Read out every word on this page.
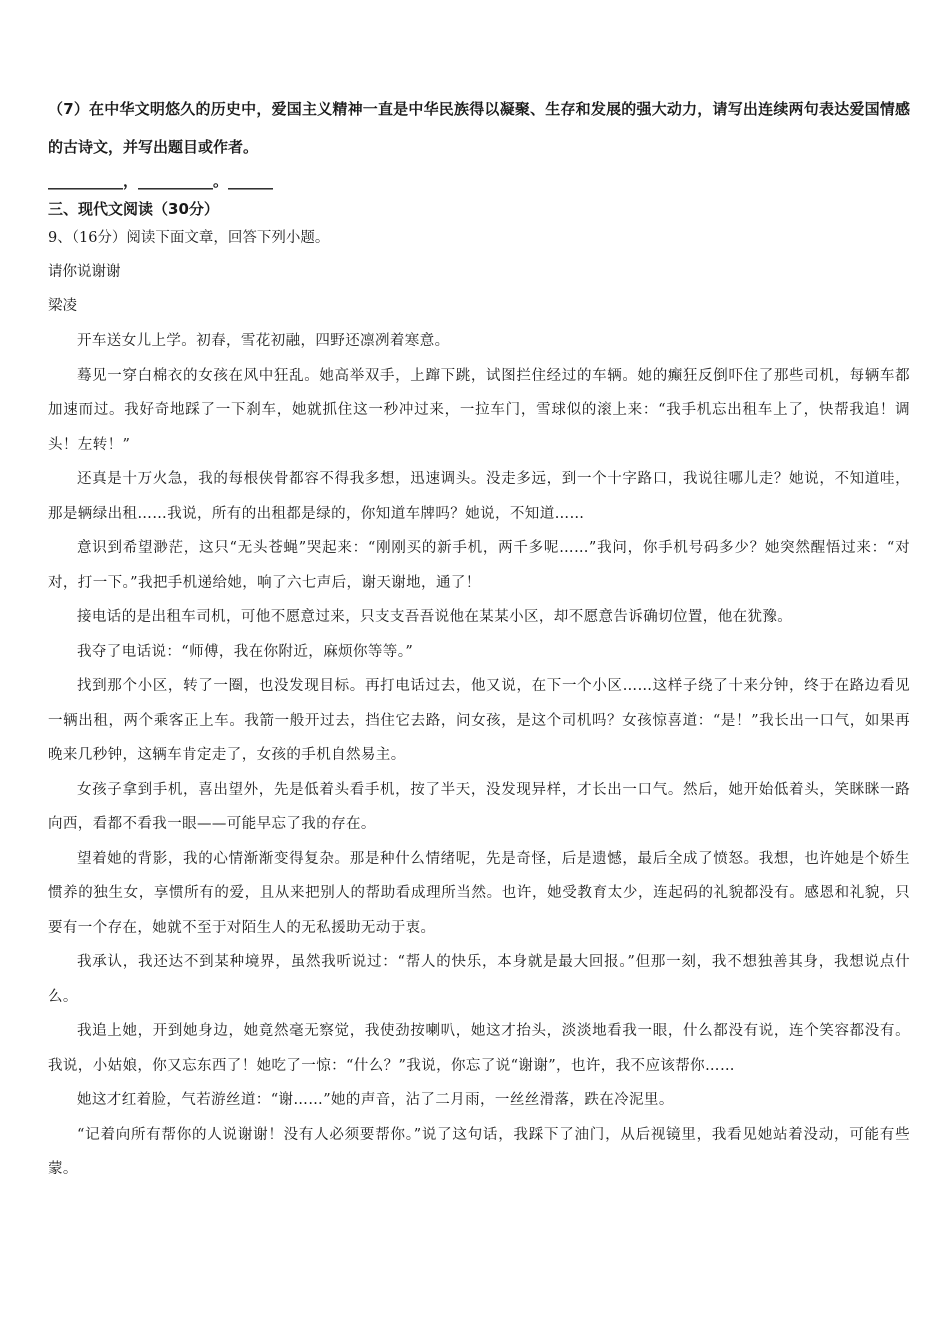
（7）在中华文明悠久的历史中，爱国主义精神一直是中华民族得以凝聚、生存和发展的强大动力，请写出连续两句表达爱国情感的古诗文，并写出题目或作者。

__________，__________。______

三、现代文阅读（30分）

9、（16分）阅读下面文章，回答下列小题。

请你说谢谢

梁凌

开车送女儿上学。初春，雪花初融，四野还凛冽着寒意。

蓦见一穿白棉衣的女孩在风中狂乱。她高举双手，上蹿下跳，试图拦住经过的车辆。她的癫狂反倒吓住了那些司机，每辆车都加速而过。我好奇地踩了一下刹车，她就抓住这一秒冲过来，一拉车门，雪球似的滚上来：“我手机忘出租车上了，快帮我追！调头！左转！”

还真是十万火急，我的每根侠骨都容不得我多想，迅速调头。没走多远，到一个十字路口，我说往哪儿走？她说，不知道哇，那是辆绿出租……我说，所有的出租都是绿的，你知道车牌吗？她说，不知道……

意识到希望渺茫，这只“无头苍蝇”哭起来：“刚刚买的新手机，两千多呢……”我问，你手机号码多少？她突然醒悟过来：“对对，打一下。”我把手机递给她，响了六七声后，谢天谢地，通了！

接电话的是出租车司机，可他不愿意过来，只支支吾吾说他在某某小区，却不愿意告诉确切位置，他在犹豫。

我夺了电话说：“师傅，我在你附近，麻烦你等等。”

找到那个小区，转了一圈，也没发现目标。再打电话过去，他又说，在下一个小区……这样子绕了十来分钟，终于在路边看见一辆出租，两个乘客正上车。我箭一般开过去，挡住它去路，问女孩，是这个司机吗？女孩惊喜道：“是！”我长出一口气，如果再晚来几秒钟，这辆车肯定走了，女孩的手机自然易主。

女孩子拿到手机，喜出望外，先是低着头看手机，按了半天，没发现异样，才长出一口气。然后，她开始低着头，笑眯眯一路向西，看都不看我一眼——可能早忘了我的存在。

望着她的背影，我的心情渐渐变得复杂。那是种什么情绪呢，先是奇怪，后是遗憾，最后全成了愤怒。我想，也许她是个娇生惯养的独生女，享惯所有的爱，且从来把别人的帮助看成理所当然。也许，她受教育太少，连起码的礼貌都没有。感恩和礼貌，只要有一个存在，她就不至于对陌生人的无私援助无动于衷。

我承认，我还达不到某种境界，虽然我听说过：“帮人的快乐，本身就是最大回报。”但那一刻，我不想独善其身，我想说点什么。

我追上她，开到她身边，她竟然毫无察觉，我使劲按喇叭，她这才抬头，淡淡地看我一眼，什么都没有说，连个笑容都没有。我说，小姑娘，你又忘东西了！她吃了一惊：“什么？”我说，你忘了说“谢谢”，也许，我不应该帮你……

她这才红着脸，气若游丝道：“谢……”她的声音，沾了二月雨，一丝丝滑落，跌在冷泥里。

“记着向所有帮你的人说谢谢！没有人必须要帮你。”说了这句话，我踩下了油门，从后视镜里，我看见她站着没动，可能有些蒙。
